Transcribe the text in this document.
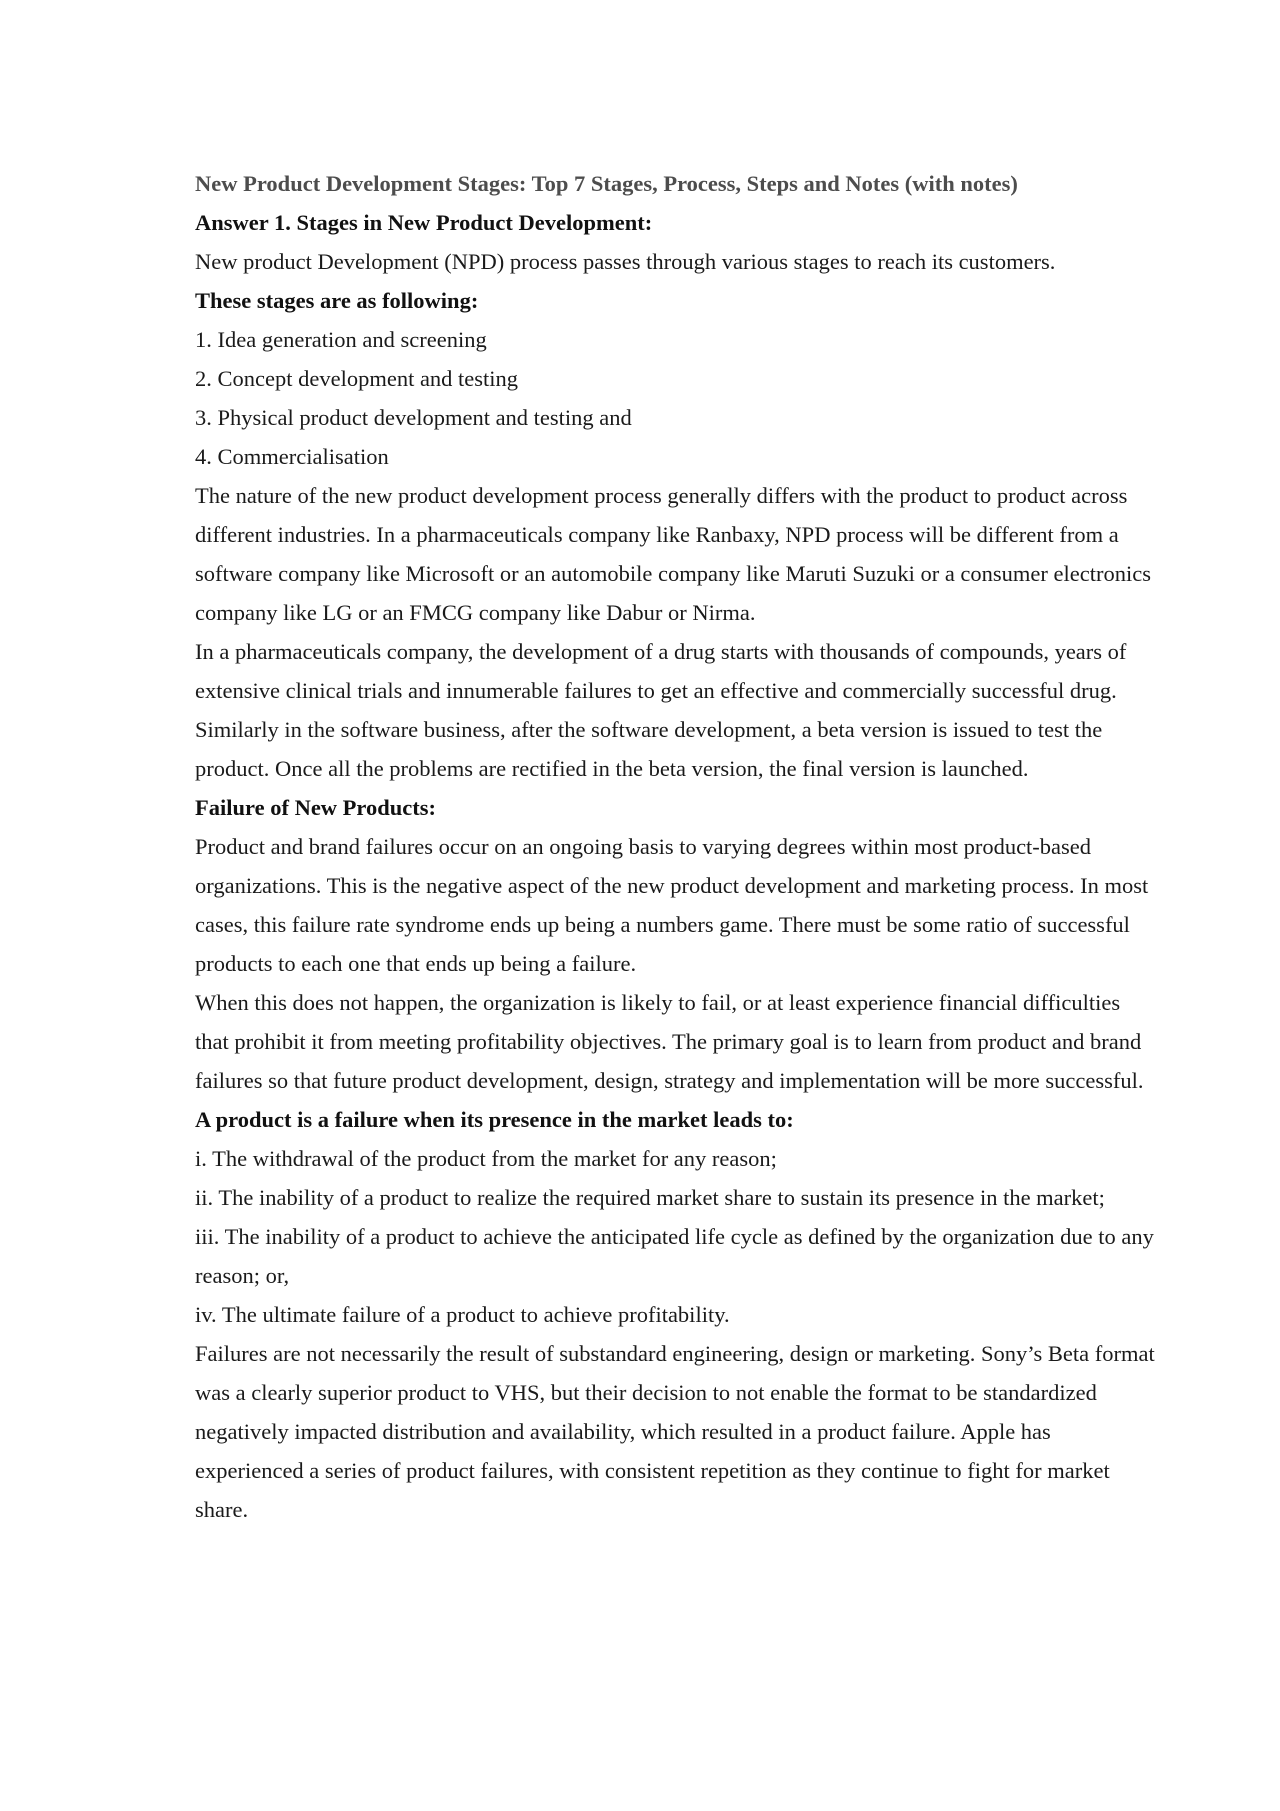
New Product Development Stages: Top 7 Stages, Process, Steps and Notes (with notes)

Answer 1. Stages in New Product Development:

New product Development (NPD) process passes through various stages to reach its customers.

These stages are as following:

1. Idea generation and screening

2. Concept development and testing

3. Physical product development and testing and

4. Commercialisation

The nature of the new product development process generally differs with the product to product across different industries. In a pharmaceuticals company like Ranbaxy, NPD process will be different from a software company like Microsoft or an automobile company like Maruti Suzuki or a consumer electronics company like LG or an FMCG company like Dabur or Nirma.

In a pharmaceuticals company, the development of a drug starts with thousands of compounds, years of extensive clinical trials and innumerable failures to get an effective and commercially successful drug. Similarly in the software business, after the software development, a beta version is issued to test the product. Once all the problems are rectified in the beta version, the final version is launched.

Failure of New Products:

Product and brand failures occur on an ongoing basis to varying degrees within most product-based organizations. This is the negative aspect of the new product development and marketing process. In most cases, this failure rate syndrome ends up being a numbers game. There must be some ratio of successful products to each one that ends up being a failure.

When this does not happen, the organization is likely to fail, or at least experience financial difficulties that prohibit it from meeting profitability objectives. The primary goal is to learn from product and brand failures so that future product development, design, strategy and implementation will be more successful.

A product is a failure when its presence in the market leads to:

i. The withdrawal of the product from the market for any reason;

ii. The inability of a product to realize the required market share to sustain its presence in the market;

iii. The inability of a product to achieve the anticipated life cycle as defined by the organization due to any reason; or,

iv. The ultimate failure of a product to achieve profitability.

Failures are not necessarily the result of substandard engineering, design or marketing. Sony’s Beta format was a clearly superior product to VHS, but their decision to not enable the format to be standardized negatively impacted distribution and availability, which resulted in a product failure. Apple has experienced a series of product failures, with consistent repetition as they continue to fight for market share.
